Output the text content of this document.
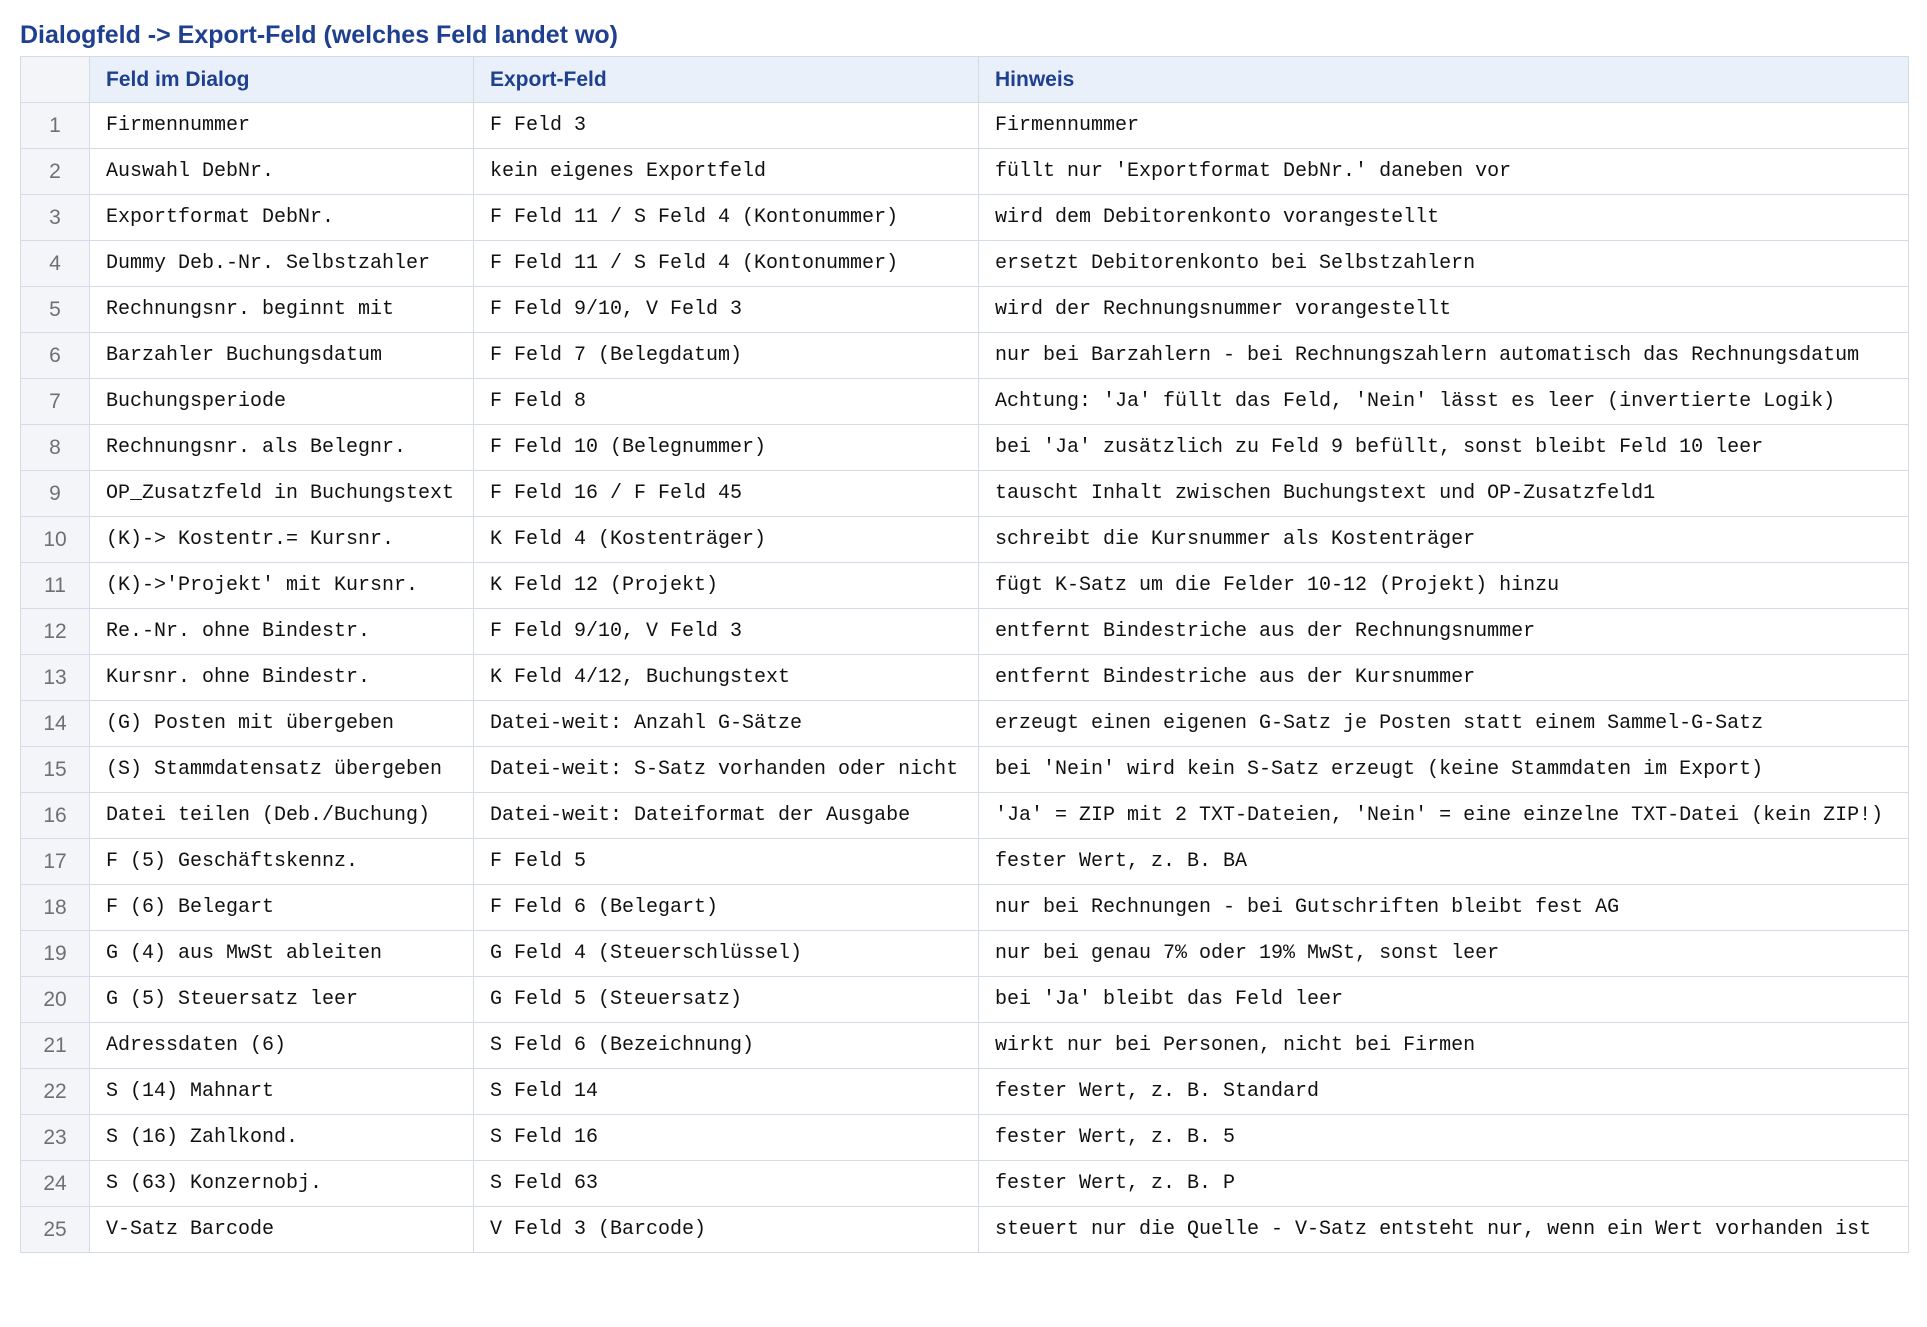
Dialogfeld -> Export-Feld (welches Feld landet wo)
	Feld im Dialog	Export-Feld	Hinweis
1	Firmennummer	F Feld 3	Firmennummer
2	Auswahl DebNr.	kein eigenes Exportfeld	füllt nur 'Exportformat DebNr.' daneben vor
3	Exportformat DebNr.	F Feld 11 / S Feld 4 (Kontonummer)	wird dem Debitorenkonto vorangestellt
4	Dummy Deb.-Nr. Selbstzahler	F Feld 11 / S Feld 4 (Kontonummer)	ersetzt Debitorenkonto bei Selbstzahlern
5	Rechnungsnr. beginnt mit	F Feld 9/10, V Feld 3	wird der Rechnungsnummer vorangestellt
6	Barzahler Buchungsdatum	F Feld 7 (Belegdatum)	nur bei Barzahlern - bei Rechnungszahlern automatisch das Rechnungsdatum
7	Buchungsperiode	F Feld 8	Achtung: 'Ja' füllt das Feld, 'Nein' lässt es leer (invertierte Logik)
8	Rechnungsnr. als Belegnr.	F Feld 10 (Belegnummer)	bei 'Ja' zusätzlich zu Feld 9 befüllt, sonst bleibt Feld 10 leer
9	OP_Zusatzfeld in Buchungstext	F Feld 16 / F Feld 45	tauscht Inhalt zwischen Buchungstext und OP-Zusatzfeld1
10	(K)-> Kostentr.= Kursnr.	K Feld 4 (Kostenträger)	schreibt die Kursnummer als Kostenträger
11	(K)->'Projekt' mit Kursnr.	K Feld 12 (Projekt)	fügt K-Satz um die Felder 10-12 (Projekt) hinzu
12	Re.-Nr. ohne Bindestr.	F Feld 9/10, V Feld 3	entfernt Bindestriche aus der Rechnungsnummer
13	Kursnr. ohne Bindestr.	K Feld 4/12, Buchungstext	entfernt Bindestriche aus der Kursnummer
14	(G) Posten mit übergeben	Datei-weit: Anzahl G-Sätze	erzeugt einen eigenen G-Satz je Posten statt einem Sammel-G-Satz
15	(S) Stammdatensatz übergeben	Datei-weit: S-Satz vorhanden oder nicht	bei 'Nein' wird kein S-Satz erzeugt (keine Stammdaten im Export)
16	Datei teilen (Deb./Buchung)	Datei-weit: Dateiformat der Ausgabe	'Ja' = ZIP mit 2 TXT-Dateien, 'Nein' = eine einzelne TXT-Datei (kein ZIP!)
17	F (5) Geschäftskennz.	F Feld 5	fester Wert, z. B. BA
18	F (6) Belegart	F Feld 6 (Belegart)	nur bei Rechnungen - bei Gutschriften bleibt fest AG
19	G (4) aus MwSt ableiten	G Feld 4 (Steuerschlüssel)	nur bei genau 7% oder 19% MwSt, sonst leer
20	G (5) Steuersatz leer	G Feld 5 (Steuersatz)	bei 'Ja' bleibt das Feld leer
21	Adressdaten (6)	S Feld 6 (Bezeichnung)	wirkt nur bei Personen, nicht bei Firmen
22	S (14) Mahnart	S Feld 14	fester Wert, z. B. Standard
23	S (16) Zahlkond.	S Feld 16	fester Wert, z. B. 5
24	S (63) Konzernobj.	S Feld 63	fester Wert, z. B. P
25	V-Satz Barcode	V Feld 3 (Barcode)	steuert nur die Quelle - V-Satz entsteht nur, wenn ein Wert vorhanden ist
